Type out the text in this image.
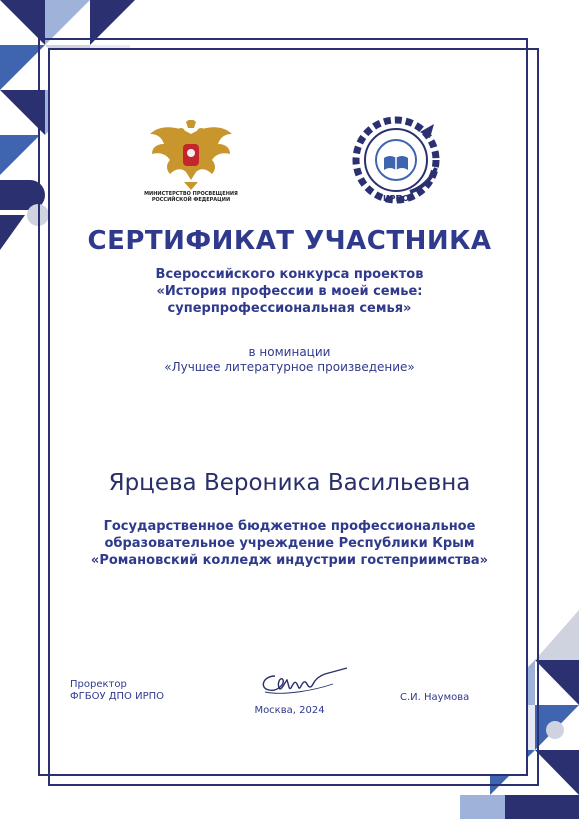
МИНИСТЕРСТВО ПРОСВЕЩЕНИЯ
РОССИЙСКОЙ ФЕДЕРАЦИИ	ИРПО
СЕРТИФИКАТ УЧАСТНИКА
Всероссийского конкурса проектов
«История профессии в моей семье:
суперпрофессиональная семья»
в номинации
«Лучшее литературное произведение»
Ярцева Вероника Васильевна
Государственное бюджетное профессиональное
образовательное учреждение Республики Крым
«Романовский колледж индустрии гостеприимства»
Проректор
ФГБОУ ДПО ИРПО
Москва, 2024
С.И. Наумова
